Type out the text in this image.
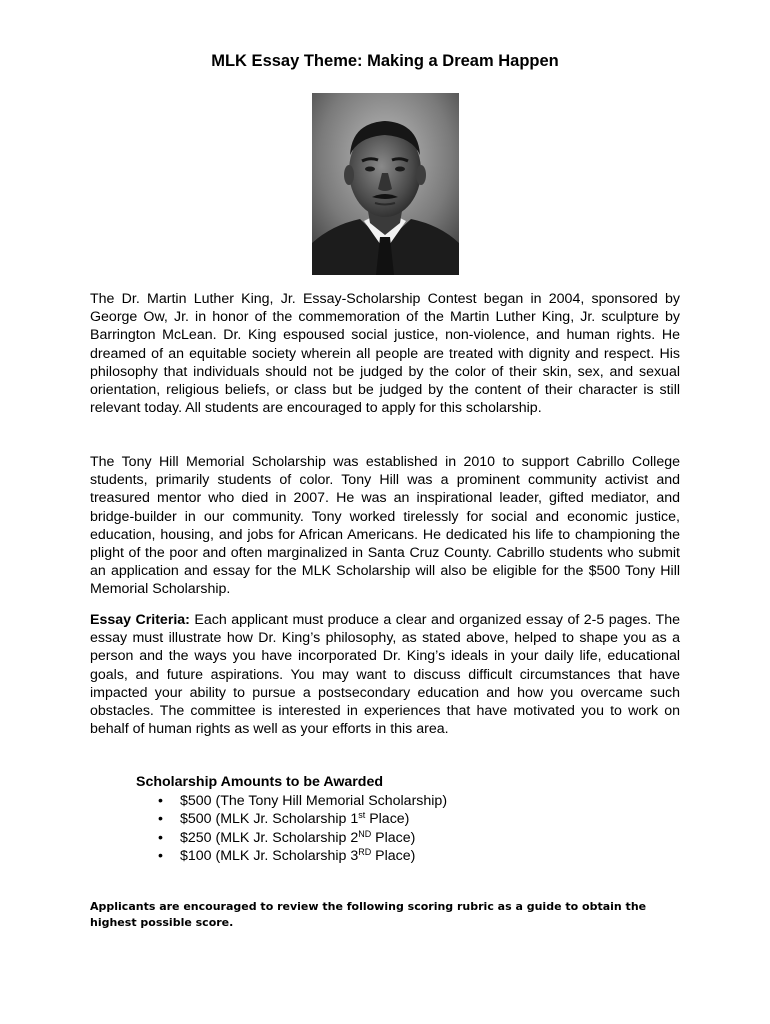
MLK Essay Theme: Making a Dream Happen

The Dr. Martin Luther King, Jr. Essay-Scholarship Contest began in 2004, sponsored by George Ow, Jr. in honor of the commemoration of the Martin Luther King, Jr. sculpture by Barrington McLean. Dr. King espoused social justice, non-violence, and human rights. He dreamed of an equitable society wherein all people are treated with dignity and respect. His philosophy that individuals should not be judged by the color of their skin, sex, and sexual orientation, religious beliefs, or class but be judged by the content of their character is still relevant today. All students are encouraged to apply for this scholarship.

The Tony Hill Memorial Scholarship was established in 2010 to support Cabrillo College students, primarily students of color. Tony Hill was a prominent community activist and treasured mentor who died in 2007. He was an inspirational leader, gifted mediator, and bridge-builder in our community. Tony worked tirelessly for social and economic justice, education, housing, and jobs for African Americans. He dedicated his life to championing the plight of the poor and often marginalized in Santa Cruz County. Cabrillo students who submit an application and essay for the MLK Scholarship will also be eligible for the $500 Tony Hill Memorial Scholarship.

Essay Criteria: Each applicant must produce a clear and organized essay of 2-5 pages. The essay must illustrate how Dr. King’s philosophy, as stated above, helped to shape you as a person and the ways you have incorporated Dr. King’s ideals in your daily life, educational goals, and future aspirations. You may want to discuss difficult circumstances that have impacted your ability to pursue a postsecondary education and how you overcame such obstacles. The committee is interested in experiences that have motivated you to work on behalf of human rights as well as your efforts in this area.

Scholarship Amounts to be Awarded

• $500 (The Tony Hill Memorial Scholarship)
• $500 (MLK Jr. Scholarship 1st Place)
• $250 (MLK Jr. Scholarship 2ND Place)
• $100 (MLK Jr. Scholarship 3RD Place)

Applicants are encouraged to review the following scoring rubric as a guide to obtain the highest possible score.
